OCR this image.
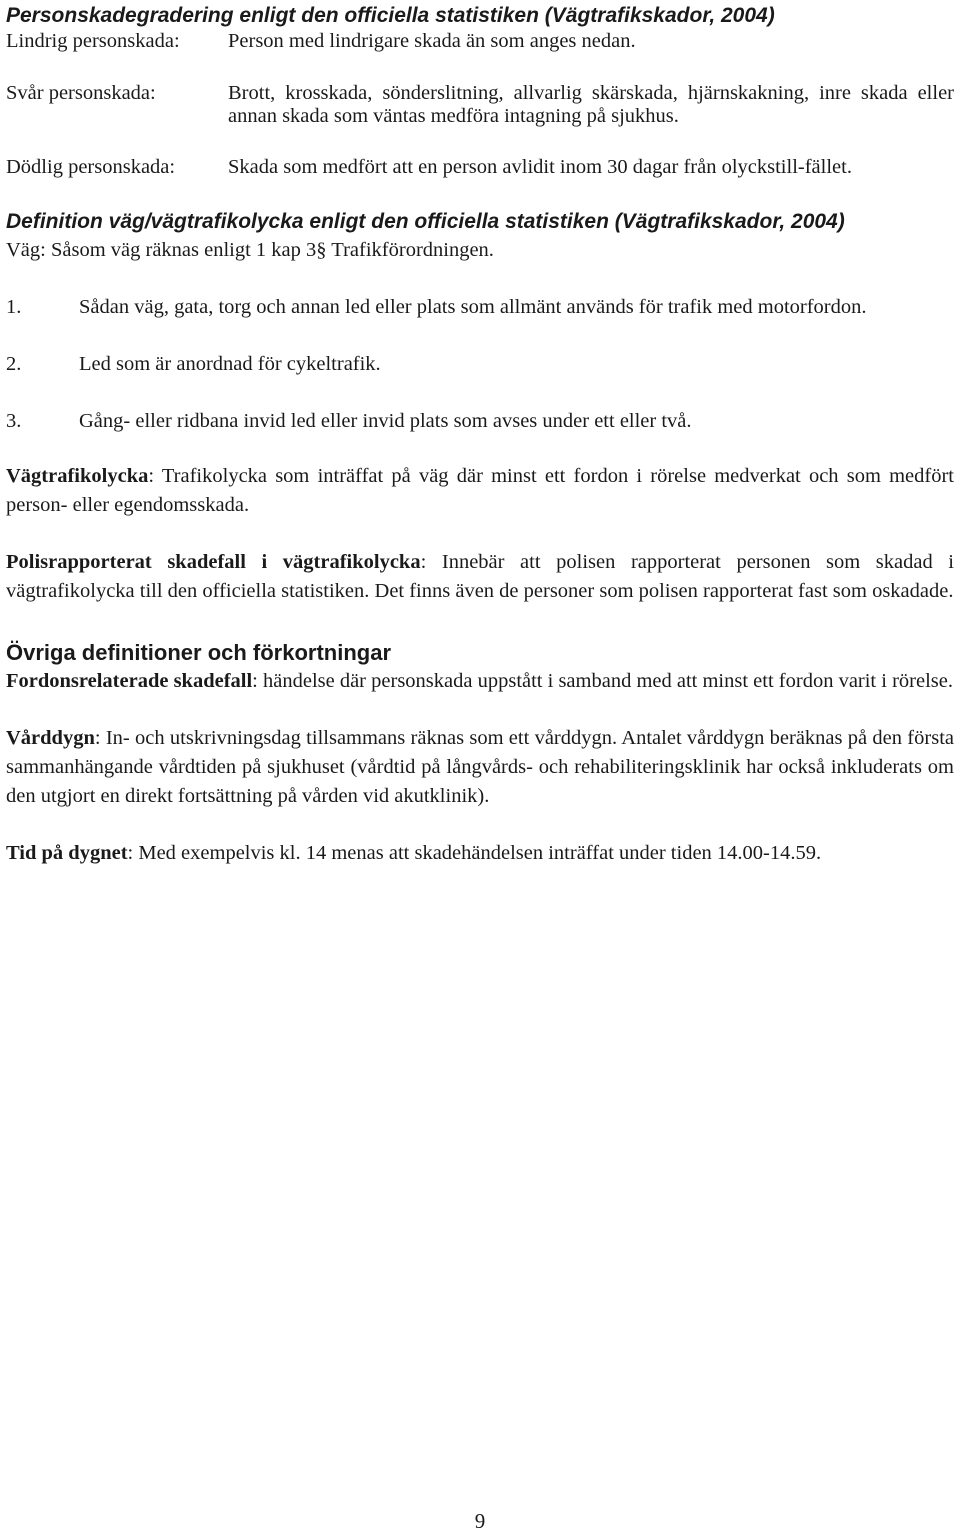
Personskadegradering enligt den officiella statistiken (Vägtrafikskador, 2004)
Lindrig personskada:	Person med lindrigare skada än som anges nedan.
Svår personskada:	Brott, krosskada, sönderslitning, allvarlig skärskada, hjärnskakning, inre skada eller annan skada som väntas medföra intagning på sjukhus.
Dödlig personskada:	Skada som medfört att en person avlidit inom 30 dagar från olyckstill-fället.
Definition väg/vägtrafikolycka enligt den officiella statistiken (Vägtrafikskador, 2004)

Väg: Såsom väg räknas enligt 1 kap 3§ Trafikförordningen.

1.	Sådan väg, gata, torg och annan led eller plats som allmänt används för trafik med motorfordon.
2.	Led som är anordnad för cykeltrafik.
3.	Gång- eller ridbana invid led eller invid plats som avses under ett eller två.

Vägtrafikolycka: Trafikolycka som inträffat på väg där minst ett fordon i rörelse medverkat och som medfört person- eller egendomsskada.

Polisrapporterat skadefall i vägtrafikolycka: Innebär att polisen rapporterat personen som skadad i vägtrafikolycka till den officiella statistiken. Det finns även de personer som polisen rapporterat fast som oskadade.

Övriga definitioner och förkortningar

Fordonsrelaterade skadefall: händelse där personskada uppstått i samband med att minst ett fordon varit i rörelse.

Vårddygn: In- och utskrivningsdag tillsammans räknas som ett vårddygn. Antalet vårddygn beräknas på den första sammanhängande vårdtiden på sjukhuset (vårdtid på långvårds- och rehabiliteringsklinik har också inkluderats om den utgjort en direkt fortsättning på vården vid akutklinik).

Tid på dygnet: Med exempelvis kl. 14 menas att skadehändelsen inträffat under tiden 14.00-14.59.

9
